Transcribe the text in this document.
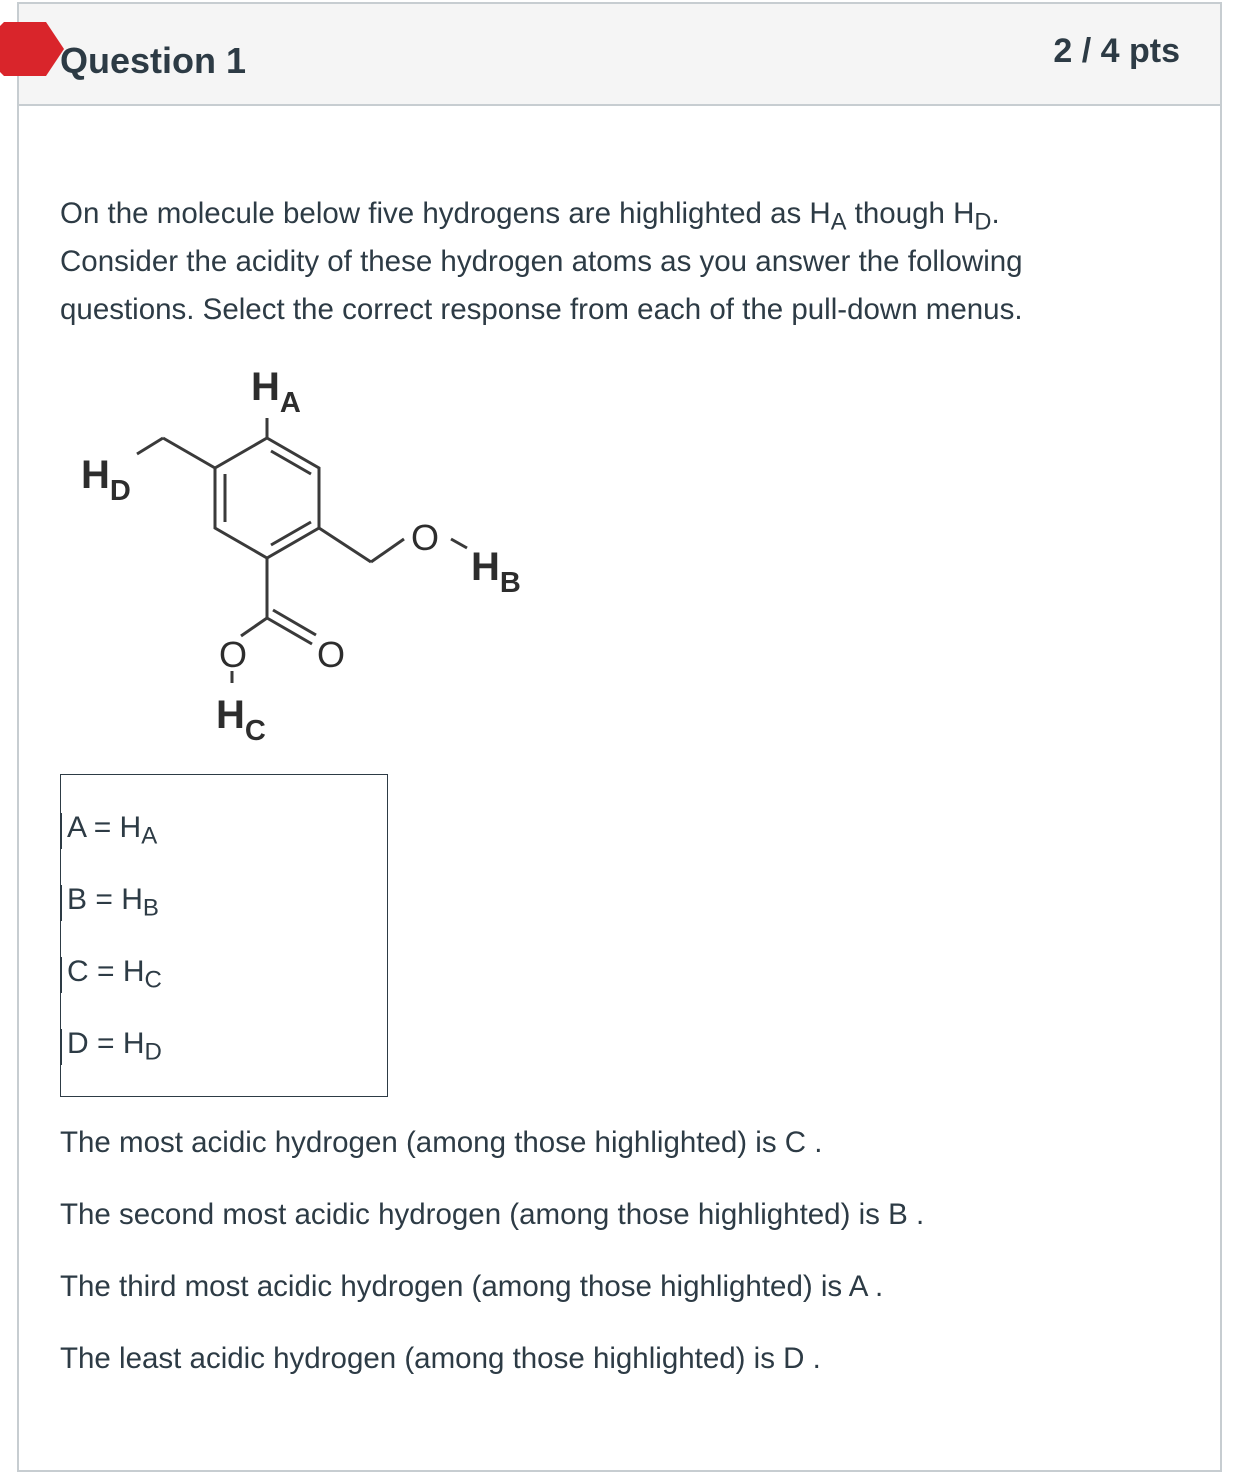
Question 1	2 / 4 pts

On the molecule below five hydrogens are highlighted as $H_A$ though $H_D$.
Consider the acidity of these hydrogen atoms as you answer the following
questions. Select the correct response from each of the pull-down menus.

$H_A$
$H_D$
O
$H_B$
O O
$H_C$
$A = H_A$
$B = H_B$
$C = H_C$
$D = H_D$

The most acidic hydrogen (among those highlighted) is C .

The second most acidic hydrogen (among those highlighted) is B .

The third most acidic hydrogen (among those highlighted) is A .

The least acidic hydrogen (among those highlighted) is D .
